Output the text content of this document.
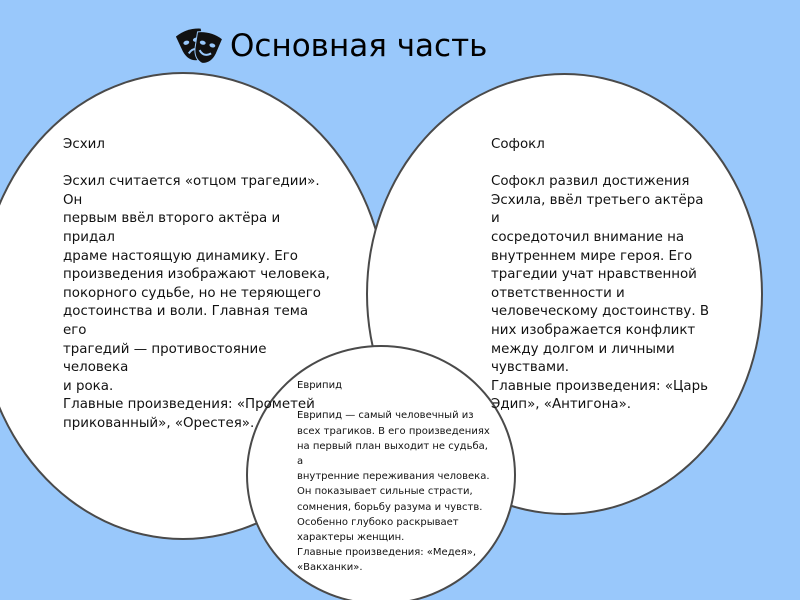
Основная часть
Эсхил
Эсхил считается «отцом трагедии». Он
первым ввёл второго актёра и придал
драме настоящую динамику. Его
произведения изображают человека,
покорного судьбе, но не теряющего
достоинства и воли. Главная тема его
трагедий — противостояние человека
и рока.
Главные произведения: «Прометей
прикованный», «Орестея».
Софокл
Софокл развил достижения
Эсхила, ввёл третьего актёра и
сосредоточил внимание на
внутреннем мире героя. Его
трагедии учат нравственной
ответственности и
человеческому достоинству. В
них изображается конфликт
между долгом и личными
чувствами.
Главные произведения: «Царь
Эдип», «Антигона».
Еврипид
Еврипид — самый человечный из
всех трагиков. В его произведениях
на первый план выходит не судьба, а
внутренние переживания человека.
Он показывает сильные страсти,
сомнения, борьбу разума и чувств.
Особенно глубоко раскрывает
характеры женщин.
Главные произведения: «Медея»,
«Вакханки».
